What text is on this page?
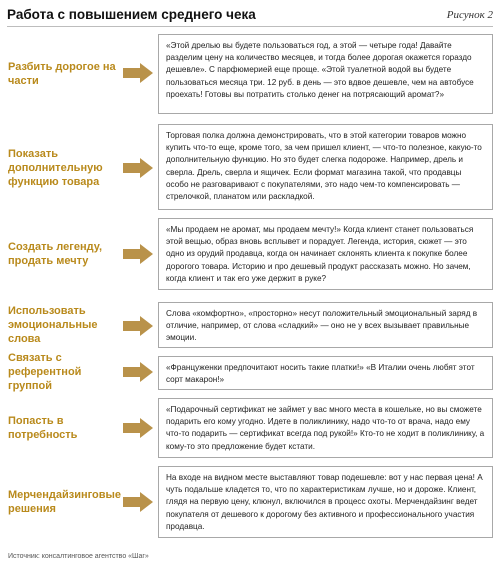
Работа с повышением среднего чека	Рисунок 2
Разбить дорогое на части
«Этой дрелью вы будете пользоваться год, а этой — четыре года! Давайте разделим цену на количество месяцев, и тогда более дорогая окажется гораздо дешевле». С парфюмерией еще проще. «Этой туалетной водой вы будете пользоваться месяца три. 12 руб. в день — это вдвое дешевле, чем на автобусе проехать! Готовы вы потратить столько денег на потрясающий аромат?»
Показать дополнительную функцию товара
Торговая полка должна демонстрировать, что в этой категории товаров можно купить что-то еще, кроме того, за чем пришел клиент, — что-то полезное, какую-то дополнительную функцию. Но это будет слегка подороже. Например, дрель и сверла. Дрель, сверла и ящичек. Если формат магазина такой, что продавцы особо не разговаривают с покупателями, это надо чем-то компенсировать — стрелочкой, планатом или раскладкой.
Создать легенду, продать мечту
«Мы продаем не аромат, мы продаем мечту!» Когда клиент станет пользоваться этой вещью, образ вновь всплывет и порадует. Легенда, история, сюжет — это одно из орудий продавца, когда он начинает склонять клиента к покупке более дорогого товара. Историю и про дешевый продукт рассказать можно. Но зачем, когда клиент и так его уже держит в руке?
Использовать эмоциональные слова
Слова «комфортно», «просторно» несут положительный эмоциональный заряд в отличие, например, от слова «сладкий» — оно не у всех вызывает правильные эмоции.
Связать с референтной группой
«Француженки предпочитают носить такие платки!» «В Италии очень любят этот сорт макарон!»
Попасть в потребность
«Подарочный сертификат не займет у вас много места в кошельке, но вы сможете подарить его кому угодно. Идете в поликлинику, надо что-то от врача, надо ему что-то подарить — сертификат всегда под рукой!» Кто-то не ходит в поликлинику, а кому-то это предложение будет кстати.
Мерчендайзинговые решения
На входе на видном месте выставляют товар подешевле: вот у нас первая цена! А чуть подальше кладется то, что по характеристикам лучше, но и дороже. Клиент, глядя на первую цену, клюнул, включился в процесс охоты. Мерчендайзинг ведет покупателя от дешевого к дорогому без активного и профессионального участия продавца.
Источник: консалтинговое агентство «Шаг»
